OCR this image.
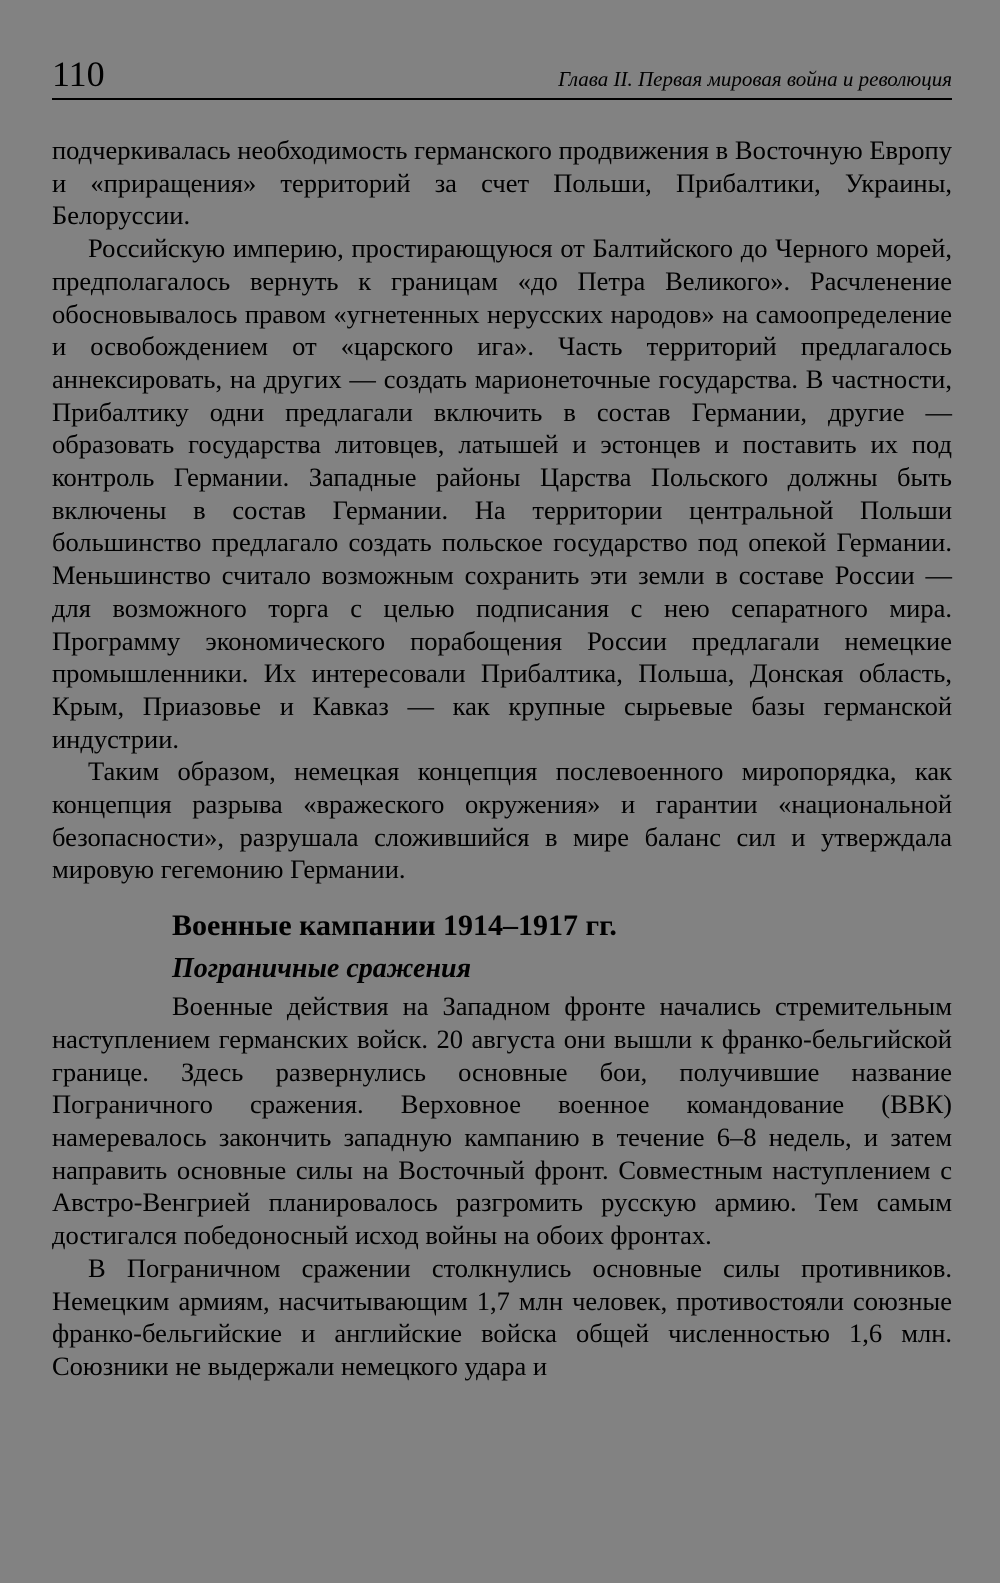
110	Глава II. Первая мировая война и революция

подчеркивалась необходимость германского продвижения в Восточную Европу и «приращения» территорий за счет Польши, Прибалтики, Украины, Белоруссии.

Российскую империю, простирающуюся от Балтийского до Черного морей, предполагалось вернуть к границам «до Петра Великого». Расчленение обосновывалось правом «угнетенных нерусских народов» на самоопределение и освобождением от «царского ига». Часть территорий предлагалось аннексировать, на других — создать марионеточные государства. В частности, Прибалтику одни предлагали включить в состав Германии, другие — образовать государства литовцев, латышей и эстонцев и поставить их под контроль Германии. Западные районы Царства Польского должны быть включены в состав Германии. На территории центральной Польши большинство предлагало создать польское государство под опекой Германии. Меньшинство считало возможным сохранить эти земли в составе России — для возможного торга с целью подписания с нею сепаратного мира. Программу экономического порабощения России предлагали немецкие промышленники. Их интересовали Прибалтика, Польша, Донская область, Крым, Приазовье и Кавказ — как крупные сырьевые базы германской индустрии.

Таким образом, немецкая концепция послевоенного миропорядка, как концепция разрыва «вражеского окружения» и гарантии «национальной безопасности», разрушала сложившийся в мире баланс сил и утверждала мировую гегемонию Германии.

Военные кампании 1914–1917 гг.
Пограничные сражения

Военные действия на Западном фронте начались стремительным наступлением германских войск. 20 августа они вышли к франко-бельгийской границе. Здесь развернулись основные бои, получившие название Пограничного сражения. Верховное военное командование (ВВК) намеревалось закончить западную кампанию в течение 6–8 недель, и затем направить основные силы на Восточный фронт. Совместным наступлением с Австро-Венгрией планировалось разгромить русскую армию. Тем самым достигался победоносный исход войны на обоих фронтах.

В Пограничном сражении столкнулись основные силы противников. Немецким армиям, насчитывающим 1,7 млн человек, противостояли союзные франко-бельгийские и английские войска общей численностью 1,6 млн. Союзники не выдержали немецкого удара и
